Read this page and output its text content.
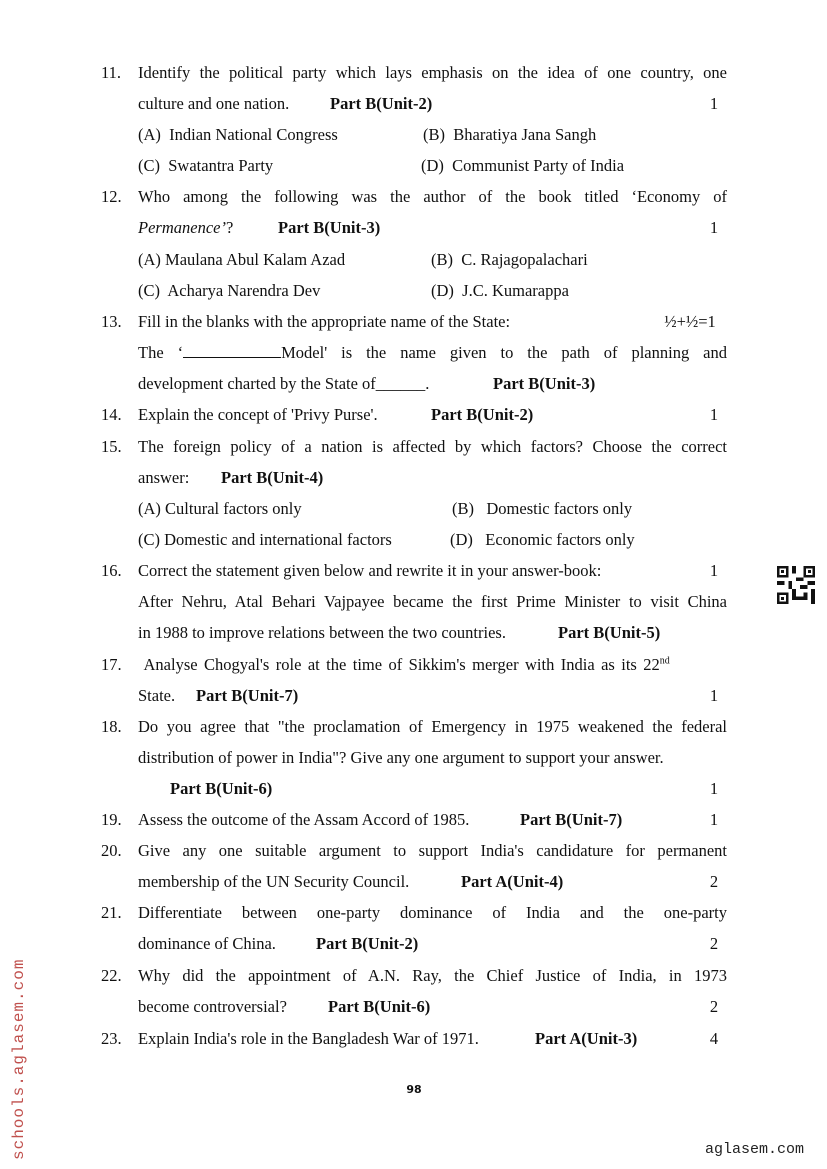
11.	Identify the political party which lays emphasis on the idea of one country, one
culture and one nation. Part B(Unit-2)	1
(A)  Indian National Congress	(B)  Bharatiya Jana Sangh
(C)  Swatantra Party	(D)  Communist Party of India
12. Who among the following was the author of the book titled ‘Economy of
Permanence’?	Part B(Unit-3)	1
(A) Maulana Abul Kalam Azad	(B)  C. Rajagopalachari
(C)  Acharya Narendra Dev	(D)  J.C. Kumarappa
13. Fill in the blanks with the appropriate name of the State:	½+½=1
The ‘	Model' is the name given to the path of planning and
development charted by the State of______.	Part B(Unit-3)
14. Explain the concept of 'Privy Purse'.	Part B(Unit-2)	1
15. The foreign policy of a nation is affected by which factors? Choose the correct
answer: Part B(Unit-4)
(A) Cultural factors only	(B)   Domestic factors only
(C) Domestic and international factors	(D)   Economic factors only
16. Correct the statement given below and rewrite it in your answer-book:	1
After Nehru, Atal Behari Vajpayee became the first Prime Minister to visit China
in 1988 to improve relations between the two countries.	Part B(Unit-5)
17. Analyse Chogyal's role at the time of Sikkim's merger with India as its 22nd
State. Part B(Unit-7)	1
18. Do you agree that "the proclamation of Emergency in 1975 weakened the federal
distribution of power in India"? Give any one argument to support your answer.
Part B(Unit-6)	1
19. Assess the outcome of the Assam Accord of 1985.	Part B(Unit-7)	1
20. Give any one suitable argument to support India's candidature for permanent
membership of the UN Security Council.	Part A(Unit-4)	2
21. Differentiate between one-party dominance of India and the one-party
dominance of China. Part B(Unit-2)	2
22. Why did the appointment of A.N. Ray, the Chief Justice of India, in 1973
become controversial? Part B(Unit-6)	2
23. Explain India's role in the Bangladesh War of 1971.	Part A(Unit-3)	4
98
schools.aglasem.com	aglasem.com
